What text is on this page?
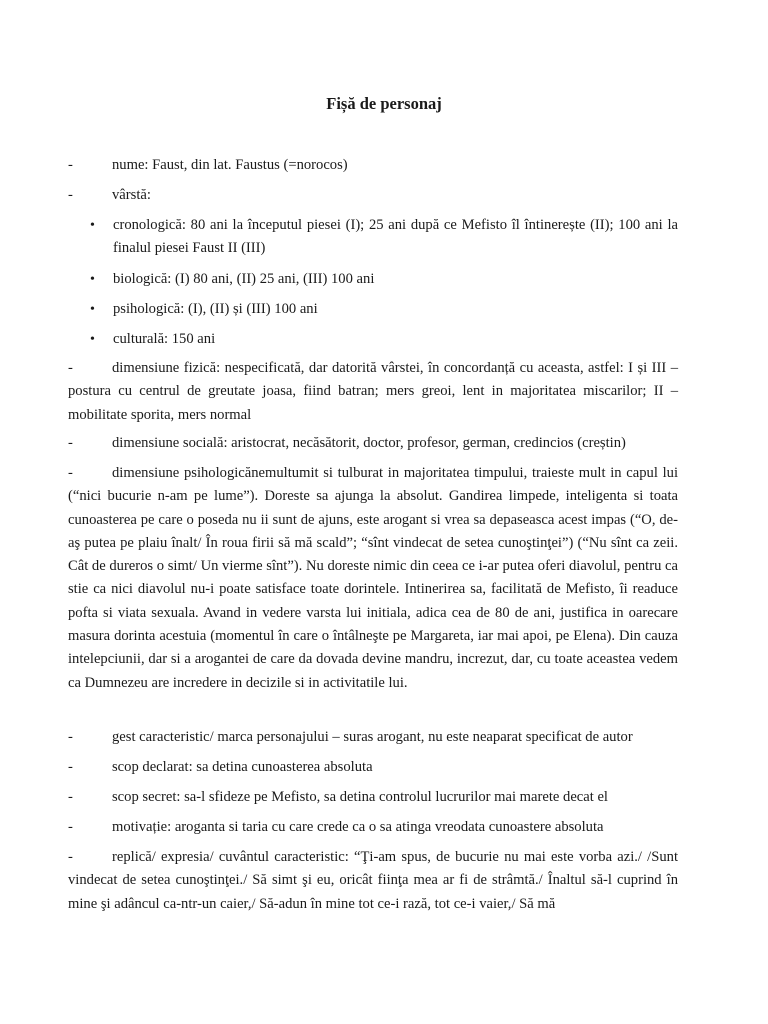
Fișă de personaj
-	nume: Faust, din lat. Faustus (=norocos)
-	vârstă:
•	cronologică: 80 ani la începutul piesei (I); 25 ani după ce Mefisto îl întinerește (II); 100 ani la finalul piesei Faust II (III)
•	biologică: (I) 80 ani, (II) 25 ani, (III) 100 ani
•	psihologică: (I), (II) și (III) 100 ani
•	culturală: 150 ani
-	dimensiune fizică: nespecificată, dar datorită vârstei, în concordanță cu aceasta, astfel: I și III – postura cu centrul de greutate joasa, fiind batran; mers greoi, lent in majoritatea miscarilor; II – mobilitate sporita, mers normal
-	dimensiune socială: aristocrat, necăsătorit, doctor, profesor, german, credincios (creștin)
-	dimensiune psihologicănemultumit si tulburat in majoritatea timpului, traieste mult in capul lui (“nici bucurie n-am pe lume”). Doreste sa ajunga la absolut. Gandirea limpede, inteligenta si toata cunoasterea pe care o poseda nu ii sunt de ajuns, este arogant si vrea sa depaseasca acest impas (“O, de-aş putea pe plaiu înalt/ În roua firii să mă scald”; “sînt vindecat de setea cunoştinţei”) (“Nu sînt ca zeii. Cât de dureros o simt/ Un vierme sînt”). Nu doreste nimic din ceea ce i-ar putea oferi diavolul, pentru ca stie ca nici diavolul nu-i poate satisface toate dorintele. Intinerirea sa, facilitată de Mefisto, îi readuce pofta si viata sexuala. Avand in vedere varsta lui initiala, adica cea de 80 de ani, justifica in oarecare masura dorinta acestuia (momentul în care o întâlneşte pe Margareta, iar mai apoi, pe Elena). Din cauza intelepciunii, dar si a arogantei de care da dovada devine mandru, increzut, dar, cu toate aceastea vedem ca Dumnezeu are incredere in decizile si in activitatile lui.
-	gest caracteristic/ marca personajului – suras arogant, nu este neaparat specificat de autor
-	scop declarat: sa detina cunoasterea absoluta
-	scop secret: sa-l sfideze pe Mefisto, sa detina controlul lucrurilor mai marete decat el
-	motivație: aroganta si taria cu care crede ca o sa atinga vreodata cunoastere absoluta
-	replică/ expresia/ cuvântul caracteristic: “Ţi-am spus, de bucurie nu mai este vorba azi./ /Sunt vindecat de setea cunoştinţei./ Să simt şi eu, oricât fiinţa mea ar fi de strâmtă./ Înaltul să-l cuprind în mine şi adâncul ca-ntr-un caier,/ Să-adun în mine tot ce-i rază, tot ce-i vaier,/ Să mă
